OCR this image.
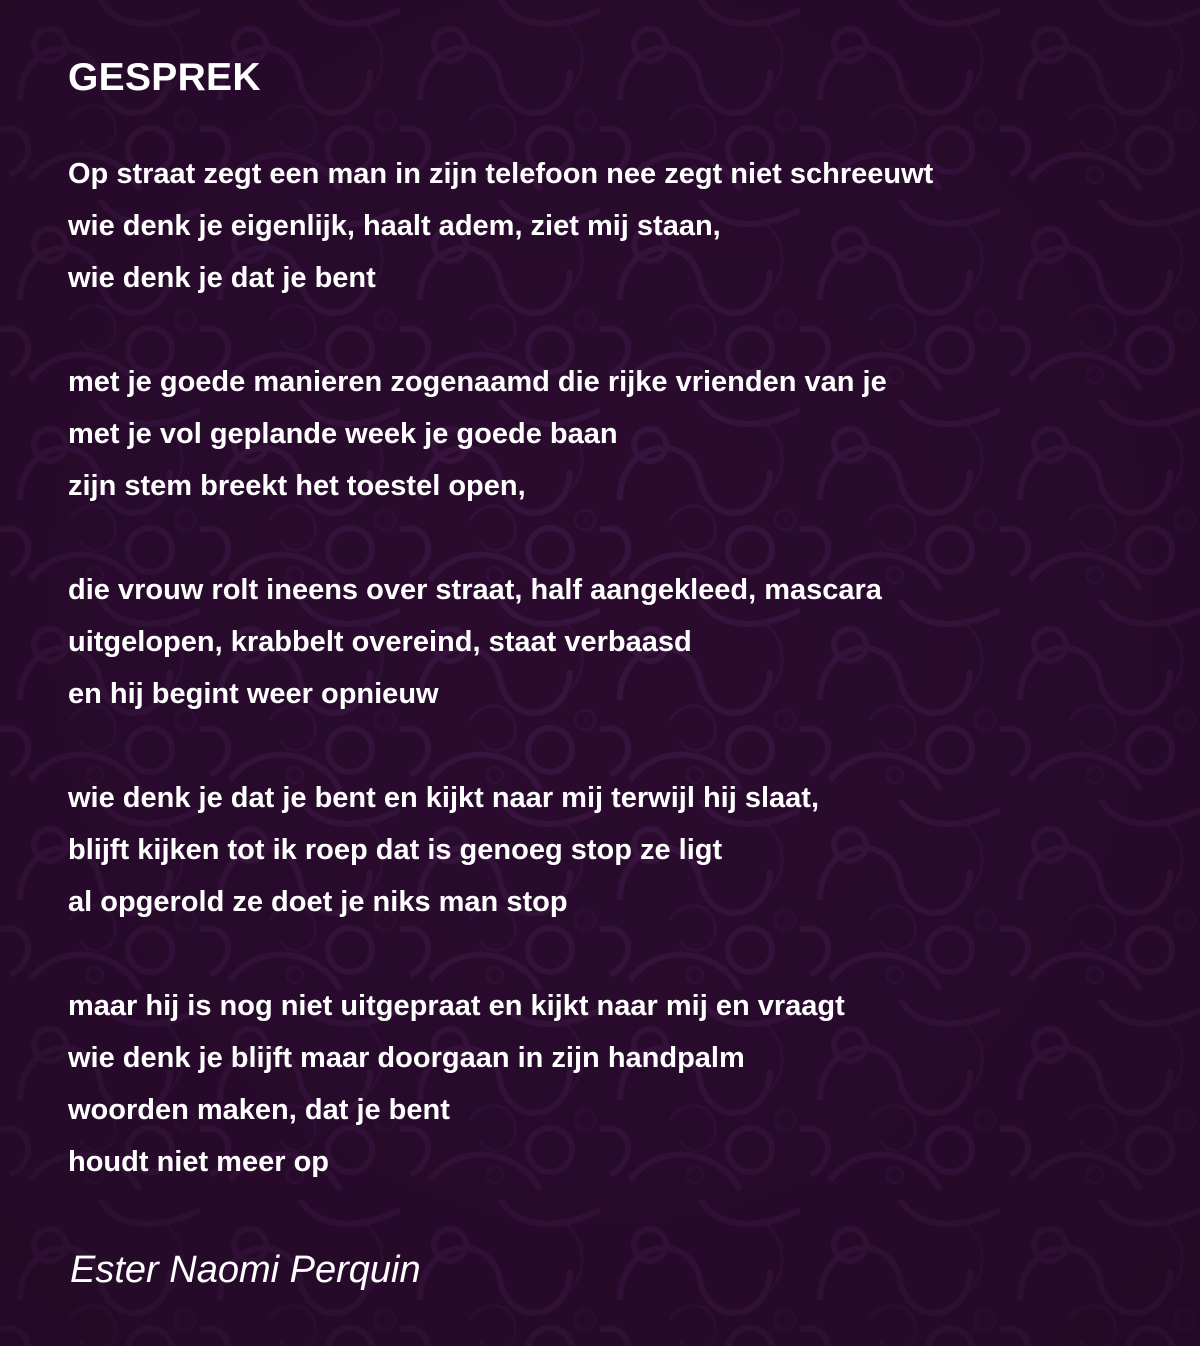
GESPREK
Op straat zegt een man in zijn telefoon nee zegt niet schreeuwt
wie denk je eigenlijk, haalt adem, ziet mij staan,
wie denk je dat je bent
met je goede manieren zogenaamd die rijke vrienden van je
met je vol geplande week je goede baan
zijn stem breekt het toestel open,
die vrouw rolt ineens over straat, half aangekleed, mascara
uitgelopen, krabbelt overeind, staat verbaasd
en hij begint weer opnieuw
wie denk je dat je bent en kijkt naar mij terwijl hij slaat,
blijft kijken tot ik roep dat is genoeg stop ze ligt
al opgerold ze doet je niks man stop
maar hij is nog niet uitgepraat en kijkt naar mij en vraagt
wie denk je blijft maar doorgaan in zijn handpalm
woorden maken, dat je bent
houdt niet meer op
Ester Naomi Perquin
